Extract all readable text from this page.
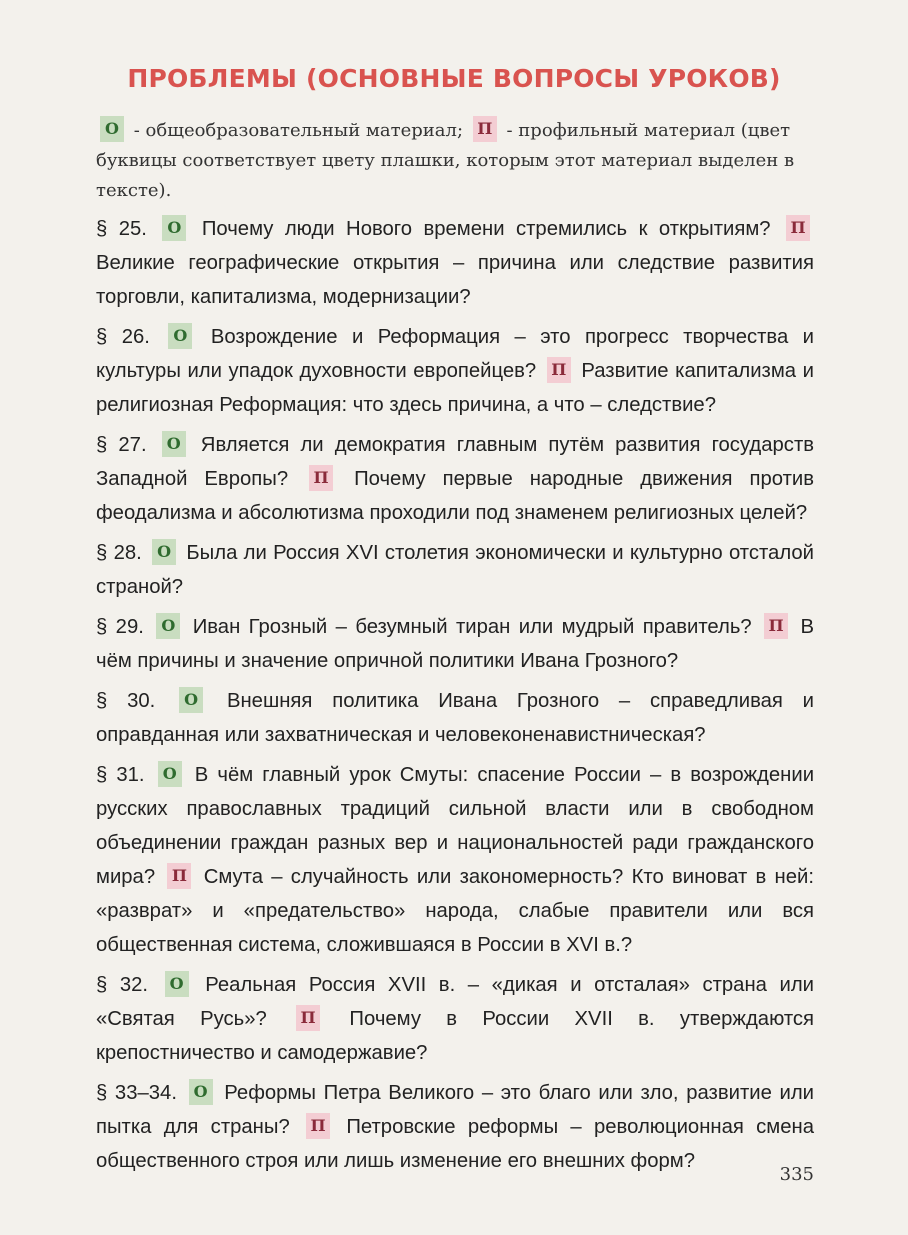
ПРОБЛЕМЫ (ОСНОВНЫЕ ВОПРОСЫ УРОКОВ)
О - общеобразовательный материал; П - профильный материал (цвет буквицы соответствует цвету плашки, которым этот материал выделен в тексте).
§ 25. О Почему люди Нового времени стремились к открытиям? П Великие географические открытия – причина или следствие развития торговли, капитализма, модернизации?
§ 26. О Возрождение и Реформация – это прогресс творчества и культуры или упадок духовности европейцев? П Развитие капитализма и религиозная Реформация: что здесь причина, а что – следствие?
§ 27. О Является ли демократия главным путём развития государств Западной Европы? П Почему первые народные движения против феодализма и абсолютизма проходили под знаменем религиозных целей?
§ 28. О Была ли Россия XVI столетия экономически и культурно отсталой страной?
§ 29. О Иван Грозный – безумный тиран или мудрый правитель? П В чём причины и значение опричной политики Ивана Грозного?
§ 30. О Внешняя политика Ивана Грозного – справедливая и оправданная или захватническая и человеконенавистническая?
§ 31. О В чём главный урок Смуты: спасение России – в возрождении русских православных традиций сильной власти или в свободном объединении граждан разных вер и национальностей ради гражданского мира? П Смута – случайность или закономерность? Кто виноват в ней: «разврат» и «предательство» народа, слабые правители или вся общественная система, сложившаяся в России в XVI в.?
§ 32. О Реальная Россия XVII в. – «дикая и отсталая» страна или «Святая Русь»? П Почему в России XVII в. утверждаются крепостничество и самодержавие?
§ 33–34. О Реформы Петра Великого – это благо или зло, развитие или пытка для страны? П Петровские реформы – революционная смена общественного строя или лишь изменение его внешних форм?
335
